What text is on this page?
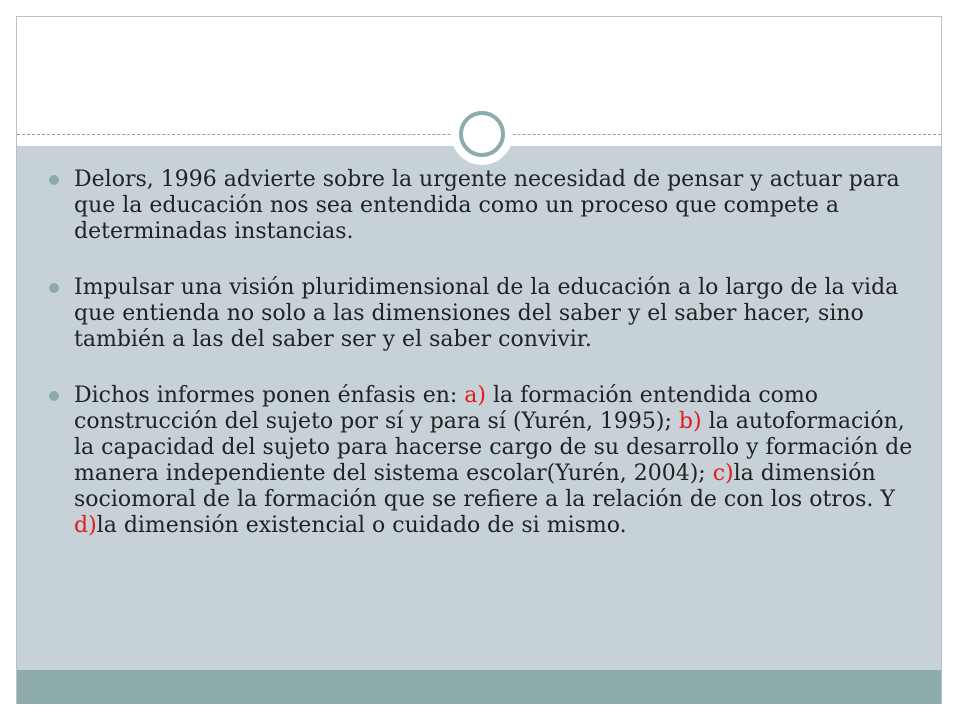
Delors, 1996 advierte sobre la urgente necesidad de pensar y actuar para que la educación nos sea entendida como un proceso que compete a determinadas instancias.
Impulsar una visión pluridimensional de la educación a lo largo de la vida que entienda no solo a las dimensiones del saber y el saber hacer, sino también a las del saber ser y el saber convivir.
Dichos informes ponen énfasis en: a) la formación entendida como construcción del sujeto por sí y para sí (Yurén, 1995); b) la autoformación, la capacidad del sujeto para hacerse cargo de su desarrollo y formación de manera independiente del sistema escolar(Yurén, 2004); c)la dimensión sociomoral de la formación que se refiere a la relación de con los otros. Y d)la dimensión existencial o cuidado de si mismo.
